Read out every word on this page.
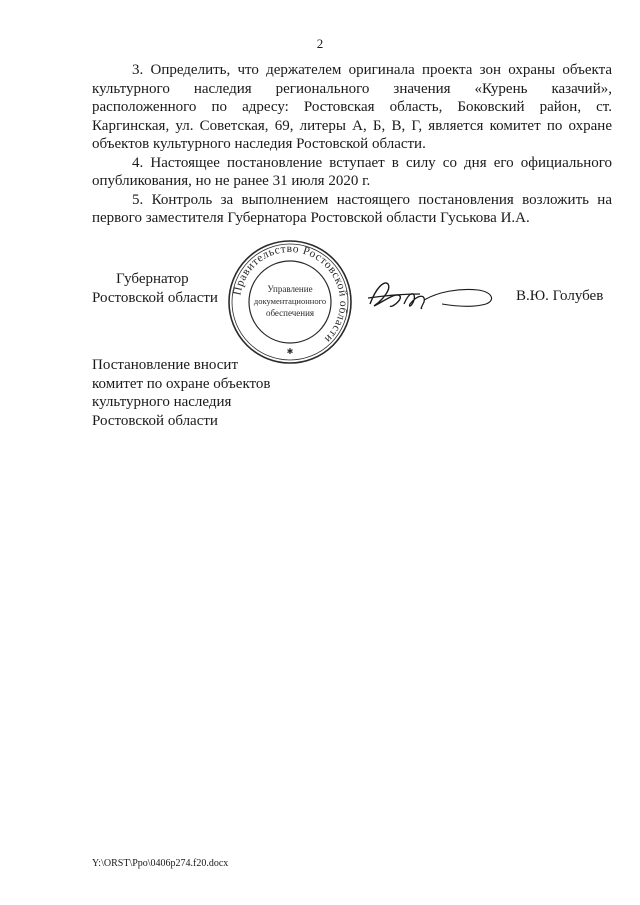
2

3. Определить, что держателем оригинала проекта зон охраны объекта культурного наследия регионального значения «Курень казачий», расположенного по адресу: Ростовская область, Боковский район, ст. Каргинская, ул. Советская, 69, литеры А, Б, В, Г, является комитет по охране объектов культурного наследия Ростовской области.

4. Настоящее постановление вступает в силу со дня его официального опубликования, но не ранее 31 июля 2020 г.

5. Контроль за выполнением настоящего постановления возложить на первого заместителя Губернатора Ростовской области Гуськова И.А.

Губернатор
Ростовской области Правительство Ростовской области
Управление
документационного
обеспечения
✱
В.Ю. Голубев
Постановление вносит
комитет по охране объектов
культурного наследия
Ростовской области
Y:\ORST\Ppo\0406p274.f20.docx
